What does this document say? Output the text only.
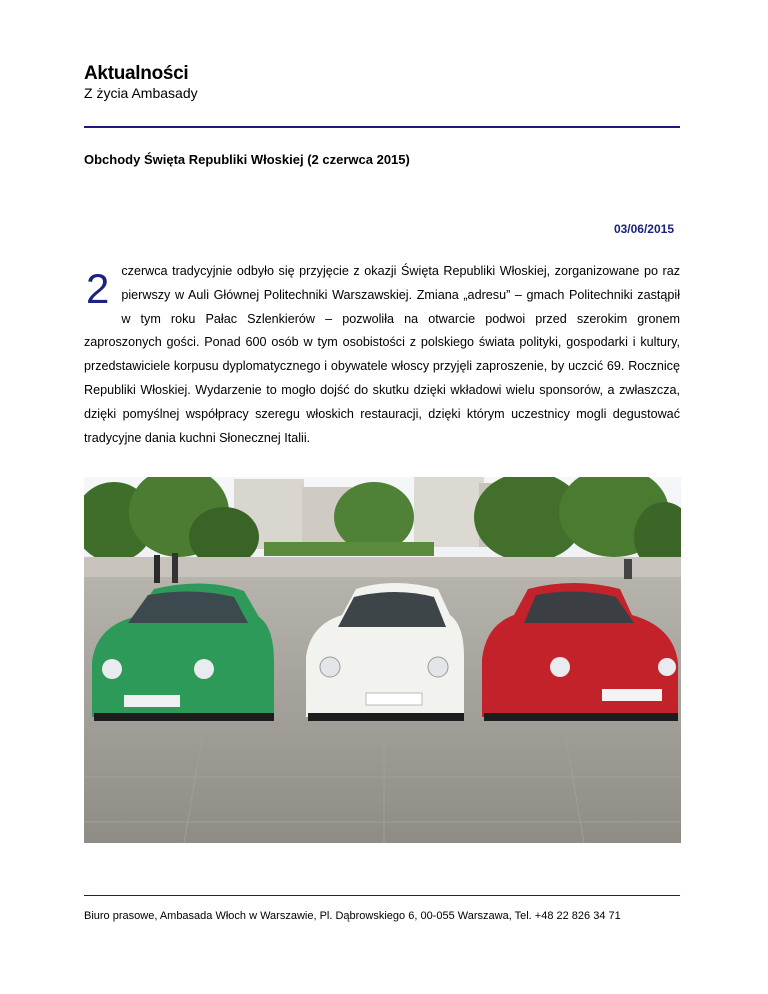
Aktualności
Z życia Ambasady
Obchody Święta Republiki Włoskiej (2 czerwca 2015)
03/06/2015
2 czerwca tradycyjnie odbyło się przyjęcie z okazji Święta Republiki Włoskiej, zorganizowane po raz pierwszy w Auli Głównej Politechniki Warszawskiej. Zmiana „adresu” – gmach Politechniki zastąpił w tym roku Pałac Szlenkierów – pozwoliła na otwarcie podwoi przed szerokim gronem zaproszonych gości. Ponad 600 osób w tym osobistości z polskiego świata polityki, gospodarki i kultury, przedstawiciele korpusu dyplomatycznego i obywatele włoscy przyjęli zaproszenie, by uczcić 69. Rocznicę Republiki Włoskiej. Wydarzenie to mogło dojść do skutku dzięki wkładowi wielu sponsorów, a zwłaszcza, dzięki pomyślnej współpracy szeregu włoskich restauracji, dzięki którym uczestnicy mogli degustować tradycyjne dania kuchni Słonecznej Italii.
Biuro prasowe, Ambasada Włoch w Warszawie, Pl. Dąbrowskiego 6, 00-055 Warszawa, Tel. +48 22 826 34 71
